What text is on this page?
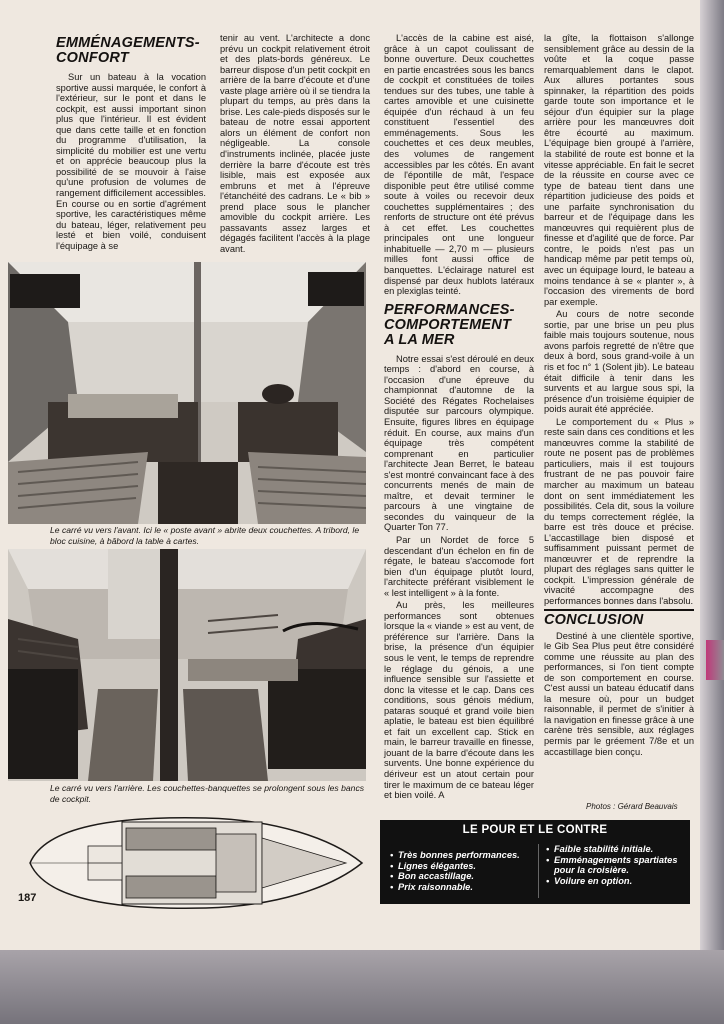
EMMÉNAGEMENTS-
CONFORT

Sur un bateau à la vocation sportive aussi marquée, le confort à l'extérieur, sur le pont et dans le cockpit, est aussi important sinon plus que l'intérieur. Il est évident que dans cette taille et en fonction du programme d'utilisation, la simplicité du mobilier est une vertu et on appréciе beaucoup plus la possibilité de se mouvoir à l'aise qu'une profusion de volumes de rangement difficilement accessibles. En course ou en sortie d'agrément sportive, les caractéristiques même du bateau, léger, relativement peu lesté et bien voilé, conduisent l'équipage à se

tenir au vent. L'architecte a donc prévu un cockpit relativement étroit et des plats-bords généreux. Le barreur dispose d'un petit cockpit en arrière de la barre d'écoute et d'une vaste plage arrière où il se tiendra la plupart du temps, au près dans la brise. Les cale-pieds disposés sur le bateau de notre essai apportent alors un élément de confort non négligeable. La console d'instruments inclinée, placée juste derrière la barre d'écoute est très lisible, mais est exposée aux embruns et met à l'épreuve l'étanchéité des cadrans. Le « bib » prend place sous le plancher amovible du cockpit arrière. Les passavants assez larges et dégagés facilitent l'accès à la plage avant.

L'accès de la cabine est aisé, grâce à un capot coulissant de bonne ouverture. Deux couchettes en partie encastrées sous les bancs de cockpit et constituées de toiles tendues sur des tubes, une table à cartes amovible et une cuisinette équipée d'un réchaud à un feu constituent l'essentiel des emménagements. Sous les couchettes et ces deux meubles, des volumes de rangement accessibles par les côtés. En avant de l'épontille de mât, l'espace disponible peut être utilisé comme soute à voiles ou recevoir deux couchettes supplémentaires ; des renforts de structure ont été prévus à cet effet. Les couchettes principales ont une longueur inhabituelle — 2,70 m — plusieurs milles font aussi office de banquettes. L'éclairage naturel est dispensé par deux hublots latéraux en plexiglas teinté.

PERFORMANCES-
COMPORTEMENT
A LA MER

Notre essai s'est déroulé en deux temps : d'abord en course, à l'occasion d'une épreuve du championnat d'automne de la Société des Régates Rochelaises disputée sur parcours olympique. Ensuite, figures libres en équipage réduit. En course, aux mains d'un équipage très compétent comprenant en particulier l'architecte Jean Berret, le bateau s'est montré convaincant face à des concurrents menés de main de maître, et devait terminer le parcours à une vingtaine de secondes du vainqueur de la Quarter Ton 77.

Par un Nordet de force 5 descendant d'un échelon en fin de régate, le bateau s'accomode fort bien d'un équipage plutôt lourd, l'architecte préférant visiblement le « lest intelligent » à la fonte.

Au près, les meilleures performances sont obtenues lorsque la « viande » est au vent, de préférence sur l'arrière. Dans la brise, la présence d'un équipier sous le vent, le temps de reprendre le réglage du génois, a une influence sensible sur l'assiette et donc la vitesse et le cap. Dans ces conditions, sous génois médium, pataras souqué et grand voile bien aplatie, le bateau est bien équilibré et fait un excellent cap. Stick en main, le barreur travaille en finesse, jouant de la barre d'écoute dans les survents. Une bonne expérience du dériveur est un atout certain pour tirer le maximum de ce bateau léger et bien voilé. A

la gîte, la flottaison s'allonge sensiblement grâce au dessin de la voûte et la coque passe remarquablement dans le clapot. Aux allures portantes sous spinnaker, la répartition des poids garde toute son importance et le séjour d'un équipier sur la plage arrière pour les manœuvres doit être écourté au maximum. L'équipage bien groupé à l'arrière, la stabilité de route est bonne et la vitesse appréciable. En fait le secret de la réussite en course avec ce type de bateau tient dans une répartition judicieuse des poids et une parfaite synchronisation du barreur et de l'équipage dans les manœuvres qui requièrent plus de finesse et d'agilité que de force. Par contre, le poids n'est pas un handicap même par petit temps où, avec un équipage lourd, le bateau a moins tendance à se « planter », à l'occasion des virements de bord par exemple.

Au cours de notre seconde sortie, par une brise un peu plus faible mais toujours soutenue, nous avons parfois regretté de n'être que deux à bord, sous grand-voile à un ris et foc n° 1 (Solent jib). Le bateau était difficile à tenir dans les survents et au largue sous spi, la présence d'un troisième équipier de poids aurait été appréciée.

Le comportement du « Plus » reste sain dans ces conditions et les manœuvres comme la stabilité de route ne posent pas de problèmes particuliers, mais il est toujours frustrant de ne pas pouvoir faire marcher au maximum un bateau dont on sent immédiatement les possibilités. Cela dit, sous la voilure du temps correctement réglée, la barre est très douce et précise. L'accastillage bien disposé et suffisamment puissant permet de manœuvrer et de reprendre la plupart des réglages sans quitter le cockpit. L'impression générale de vivacité accompagne des performances bonnes dans l'absolu.

CONCLUSION

Destiné à une clientèle sportive, le Gib Sea Plus peut être considéré comme une réussite au plan des performances, si l'on tient compte de son comportement en course. C'est aussi un bateau éducatif dans la mesure où, pour un budget raisonnable, il permet de s'initier à la navigation en finesse grâce à une carène très sensible, aux réglages permis par le gréement 7/8e et un accastillage bien conçu.

Le carré vu vers l'avant. Ici le « poste avant » abrite deux couchettes. A tribord, le bloc cuisine, à bâbord la table à cartes.
Le carré vu vers l'arrière. Les couchettes-banquettes se prolongent sous les bancs de cockpit.
187
Photos : Gérard Beauvais
LE POUR ET LE CONTRE
• Très bonnes performances.
• Lignes élégantes.
• Bon accastillage.
• Prix raisonnable.
• Faible stabilité initiale.
• Emménagements spartiates pour la croisière.
• Voilure en option.
